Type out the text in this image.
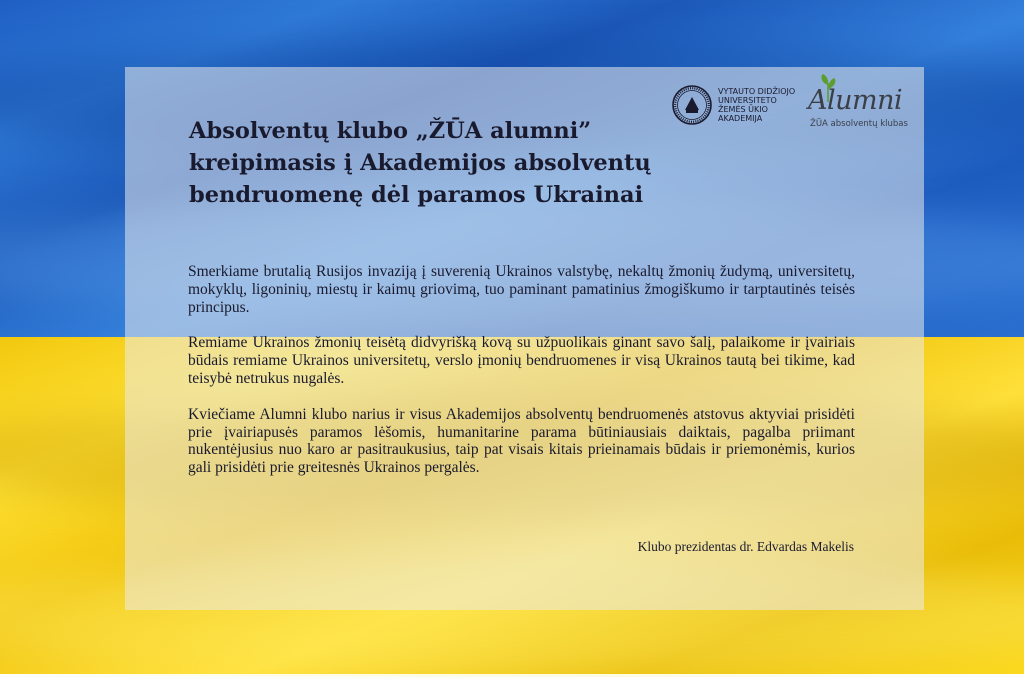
Absolventų klubo „ŽŪA alumni” kreipimasis į Akademijos absolventų bendruomenę dėl paramos Ukrainai
VYTAUTO DIDŽIOJO
UNIVERSITETO
ŽEMĖS ŪKIO
AKADEMIJA
Alumni
ŽŪA absolventų klubas

Smerkiame brutalią Rusijos invaziją į suverenią Ukrainos valstybę, nekaltų žmonių žudymą, universitetų, mokyklų, ligoninių, miestų ir kaimų griovimą, tuo paminant pamatinius žmogiškumo ir tarptautinės teisės principus.

Remiame Ukrainos žmonių teisėtą didvyrišką kovą su užpuolikais ginant savo šalį, palaikome ir įvairiais būdais remiame Ukrainos universitetų, verslo įmonių bendruomenes ir visą Ukrainos tautą bei tikime, kad teisybė netrukus nugalės.

Kviečiame Alumni klubo narius ir visus Akademijos absolventų bendruomenės atstovus aktyviai prisidėti prie įvairiapusės paramos lėšomis, humanitarine parama būtiniausiais daiktais, pagalba priimant nukentėjusius nuo karo ar pasitraukusius, taip pat visais kitais prieinamais būdais ir priemonėmis, kurios gali prisidėti prie greitesnės Ukrainos pergalės.

Klubo prezidentas dr. Edvardas Makelis
